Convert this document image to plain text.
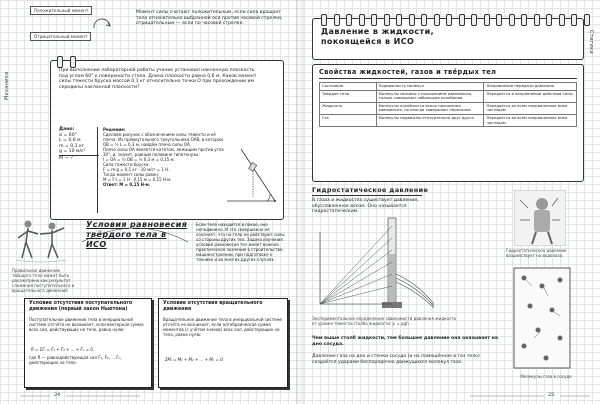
Положительный момент
Отрицательный момент
Механика
Момент силы считают положительным, если сила вращает тело относительно выбранной оси против часовой стрелки, отрицательным — если по часовой стрелке.
При выполнении лабораторной работы ученик установил наклонную плоскость под углом 60° к поверхности стола. Длина плоскости равна 0,6 м. Каков момент силы тяжести бруска массой 0,1 кг относительно точки О при прохождении им середины наклонной плоскости?
Дано:
α = 60°
L = 0,6 м
m = 0,1 кг
g = 10 м/с²
M — ?
Решение:
Сделаем рисунок с обозначением силы тяжести и её плеча. Из прямоугольного треугольника OAB, в котором
OB = ½ L = 0,3 м, найдём плечо силы OA.
Плечо силы OA является катетом, лежащим против угла 30°, и, значит, равным половине гипотенузы:
l = OA = ½ OB = ½ 0,3 м = 0,15 м.
Сила тяжести бруска:
F = m·g = 0,1 кг · 10 м/с² = 1 Н.
Тогда момент силы равен:
M = F·l = 1 Н · 0,15 м = 0,15 Н·м.
Ответ: M = 0,15 Н·м.
Правильное движение твёрдого тела может быть рассмотрено как результат сложения поступательного и вращательного движений
Условия равновесия твёрдого тела в ИСО
Если тело находится в покое, оно неподвижно. И это совершенно не означает, что на тело не действуют силы со стороны других тел. Задача изучения условий равновесия тел имеет важное практическое значение в строительстве, машиностроении, при подготовке к технике и во многих других случаях.
Условие отсутствия поступательного движения (первый закон Ньютона)
Поступательное движение тела в инерциальной системе отсчёта не возникает, если векторная сумма всех сил, действующих на тело, равна нулю:
R⃗ = ΣF⃗ᵢ = F⃗₁ + F⃗₂ + ... + F⃗ₙ = 0,
где R⃗ — равнодействующая сил F⃗₁, F⃗₂, ... F⃗ₙ, действующих на тело.
Условие отсутствия вращательного движения
Вращательное движение тела в инерциальной системе отсчёта не возникает, если алгебраическая сумма моментов (с учётом знаков) всех сил, действующих на тело, равна нулю:
ΣMᵢ = M₁ + M₂ + ... + Mₙ = 0.
24
Статика
Давление в жидкости, покоящейся в ИСО
Свойства жидкостей, газов и твёрдых тел
Состояние	Подвижность молекул	Направление передачи давления
Твёрдое тело	Молекулы связаны с положением равновесия, только совершают небольшие колебания.	Передаётся в направлении действия силы.
Жидкость	Молекулы колеблются около положения равновесия, но иногда совершают перескоки.	Передаётся во всем направлениях всем частицам.
Газ	Молекулы подвижны относительно друг друга.	Передаётся во всем направлениях всем частицам.
Гидростатическое давление
В газах и жидкостях существует давление, обусловленное весом. Оно называется гидростатическим.
Экспериментальное определение зависимости давления жидкости от уровня тяжести столба жидкости: p = ρgh
Гидростатическое давление воздействует на водолаза
Молекулы газа в сосуде
Чем выше столб жидкости, тем большее давление она оказывает на дно сосуда.
Давление газа на дно и стенки сосуда (и на помещённое в газ тело) создаётся ударами беспорядочно движущихся молекул газа.
25
